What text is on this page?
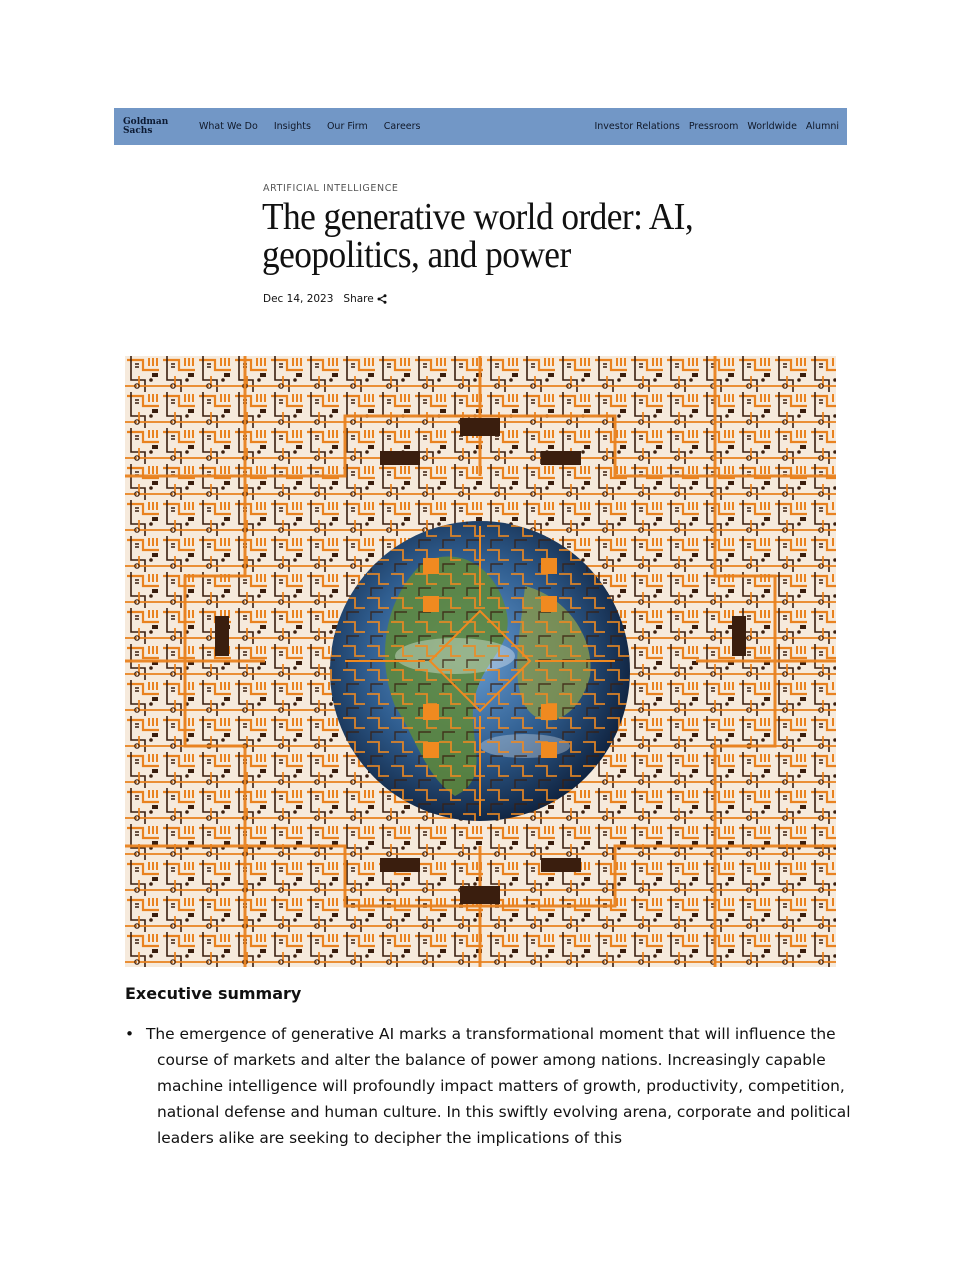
Goldman
Sachs	What We Do Insights Our Firm Careers	Investor Relations Pressroom Worldwide Alumni
ARTIFICIAL INTELLIGENCE
The generative world order: AI, geopolitics, and power
Dec 14, 2023 Share
Executive summary
• The emergence of generative AI marks a transformational moment that will influence the course of markets and alter the balance of power among nations. Increasingly capable machine intelligence will profoundly impact matters of growth, productivity, competition, national defense and human culture. In this swiftly evolving arena, corporate and political leaders alike are seeking to decipher the implications of this
